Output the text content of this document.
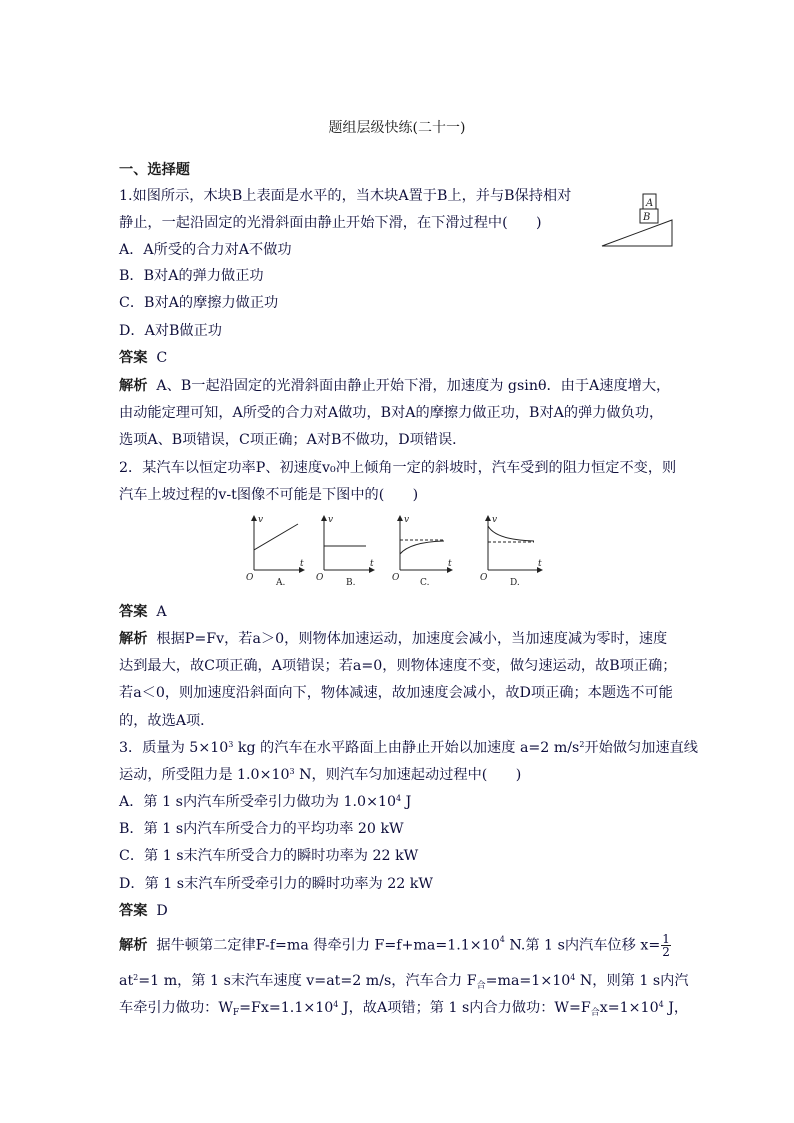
题组层级快练(二十一)
一、选择题
1.如图所示，木块B上表面是水平的，当木块A置于B上，并与B保持相对
静止，一起沿固定的光滑斜面由静止开始下滑，在下滑过程中(　　)
A
B
A．A所受的合力对A不做功
B．B对A的弹力做正功
C．B对A的摩擦力做正功
D．A对B做正功
答案 C
解析 A、B一起沿固定的光滑斜面由静止开始下滑，加速度为 gsinθ．由于A速度增大，
由动能定理可知，A所受的合力对A做功，B对A的摩擦力做正功，B对A的弹力做负功，
选项A、B项错误，C项正确；A对B不做功，D项错误．
2．某汽车以恒定功率P、初速度v₀冲上倾角一定的斜坡时，汽车受到的阻力恒定不变，则
汽车上坡过程的v-t图像不可能是下图中的(　　)
v
t
O	A.
v
t
O	B.
v
t
O C.
v
t
O	D.
答案 A
解析 根据P=Fv，若a＞0，则物体加速运动，加速度会减小，当加速度减为零时，速度
达到最大，故C项正确，A项错误；若a=0，则物体速度不变，做匀速运动，故B项正确；
若a＜0，则加速度沿斜面向下，物体减速，故加速度会减小，故D项正确；本题选不可能
的，故选A项．
3．质量为 $5\times 10^3$ kg 的汽车在水平路面上由静止开始以加速度 a=2 $m/s^2$开始做匀加速直线
运动，所受阻力是 $1.0\times 10^3$ N，则汽车匀加速起动过程中(　　)
A．第 1 s内汽车所受牵引力做功为 $1.0\times 10^4$ J
B．第 1 s内汽车所受合力的平均功率 20 kW
C．第 1 s末汽车所受合力的瞬时功率为 22 kW
D．第 1 s末汽车所受牵引力的瞬时功率为 22 kW
答案 D
解析 据牛顿第二定律F-f=ma 得牵引力 $F=f+ma=1.1\times 10^4$ N.第 1 s内汽车位移 $x= \frac{1}{2}$
$at^2=1$ m，第 1 s末汽车速度 v=at=2 m/s，汽车合力 $F_合=ma=1\times 10^4$ N，则第 1 s内汽
车牵引力做功：$W_F=Fx=1.1\times 10^4$ J，故A项错；第 1 s内合力做功：$W=F_合x=1\times 10^4$ J，
